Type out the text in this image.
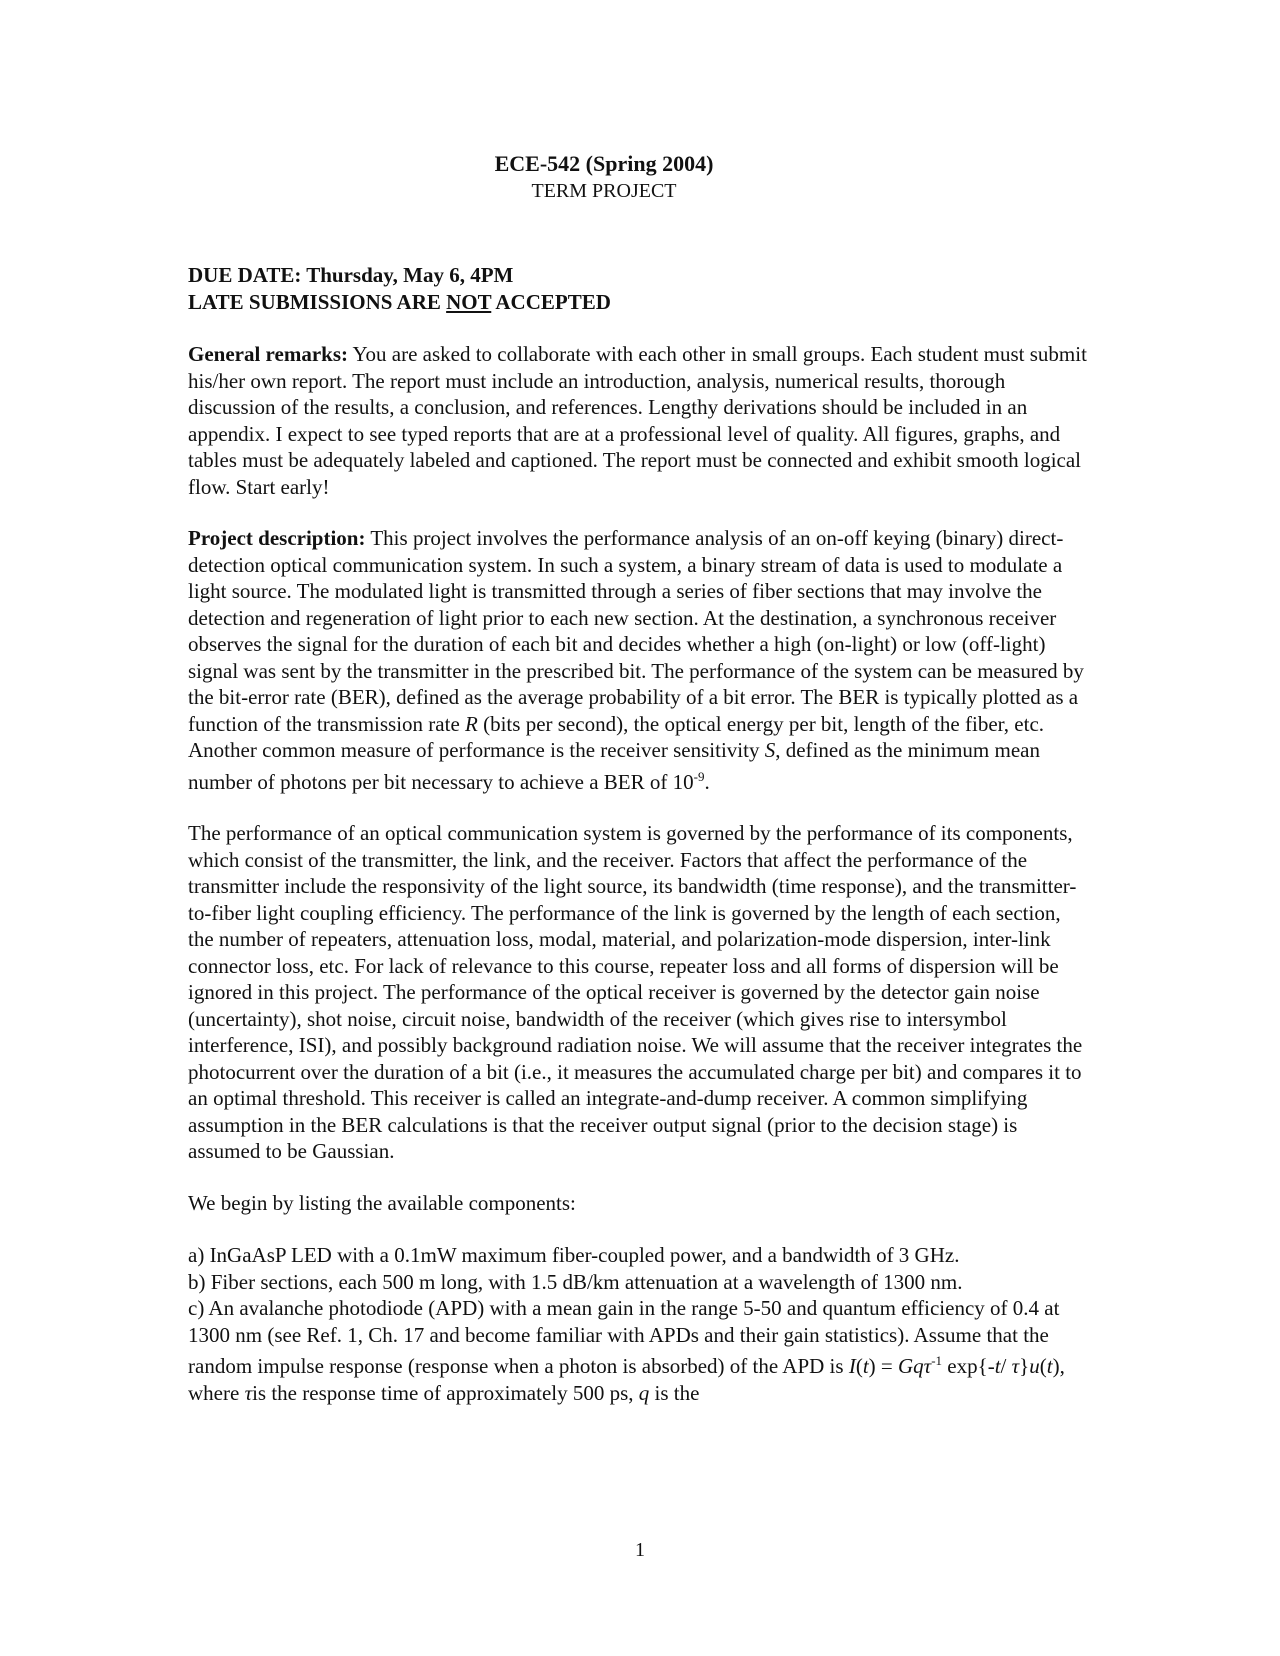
ECE-542 (Spring 2004)

TERM PROJECT

DUE DATE: Thursday, May 6, 4PM
LATE SUBMISSIONS ARE NOT ACCEPTED

General remarks: You are asked to collaborate with each other in small groups. Each student must submit his/her own report. The report must include an introduction, analysis, numerical results, thorough discussion of the results, a conclusion, and references. Lengthy derivations should be included in an appendix. I expect to see typed reports that are at a professional level of quality. All figures, graphs, and tables must be adequately labeled and captioned. The report must be connected and exhibit smooth logical flow. Start early!

Project description: This project involves the performance analysis of an on-off keying (binary) direct-detection optical communication system. In such a system, a binary stream of data is used to modulate a light source. The modulated light is transmitted through a series of fiber sections that may involve the detection and regeneration of light prior to each new section. At the destination, a synchronous receiver observes the signal for the duration of each bit and decides whether a high (on-light) or low (off-light) signal was sent by the transmitter in the prescribed bit. The performance of the system can be measured by the bit-error rate (BER), defined as the average probability of a bit error. The BER is typically plotted as a function of the transmission rate R (bits per second), the optical energy per bit, length of the fiber, etc. Another common measure of performance is the receiver sensitivity S, defined as the minimum mean number of photons per bit necessary to achieve a BER of $10^{-9}$.

The performance of an optical communication system is governed by the performance of its components, which consist of the transmitter, the link, and the receiver. Factors that affect the performance of the transmitter include the responsivity of the light source, its bandwidth (time response), and the transmitter-to-fiber light coupling efficiency. The performance of the link is governed by the length of each section, the number of repeaters, attenuation loss, modal, material, and polarization-mode dispersion, inter-link connector loss, etc. For lack of relevance to this course, repeater loss and all forms of dispersion will be ignored in this project. The performance of the optical receiver is governed by the detector gain noise (uncertainty), shot noise, circuit noise, bandwidth of the receiver (which gives rise to intersymbol interference, ISI), and possibly background radiation noise. We will assume that the receiver integrates the photocurrent over the duration of a bit (i.e., it measures the accumulated charge per bit) and compares it to an optimal threshold. This receiver is called an integrate-and-dump receiver. A common simplifying assumption in the BER calculations is that the receiver output signal (prior to the decision stage) is assumed to be Gaussian.

We begin by listing the available components:

a) InGaAsP LED with a 0.1mW maximum fiber-coupled power, and a bandwidth of 3 GHz.

b) Fiber sections, each 500 m long, with 1.5 dB/km attenuation at a wavelength of 1300 nm.

c) An avalanche photodiode (APD) with a mean gain in the range 5-50 and quantum efficiency of 0.4 at 1300 nm (see Ref. 1, Ch. 17 and become familiar with APDs and their gain statistics). Assume that the random impulse response (response when a photon is absorbed) of the APD is I(t) = Gqτ$^{-1}$ exp{-t/ τ}u(t), where τis the response time of approximately 500 ps, q is the

1
